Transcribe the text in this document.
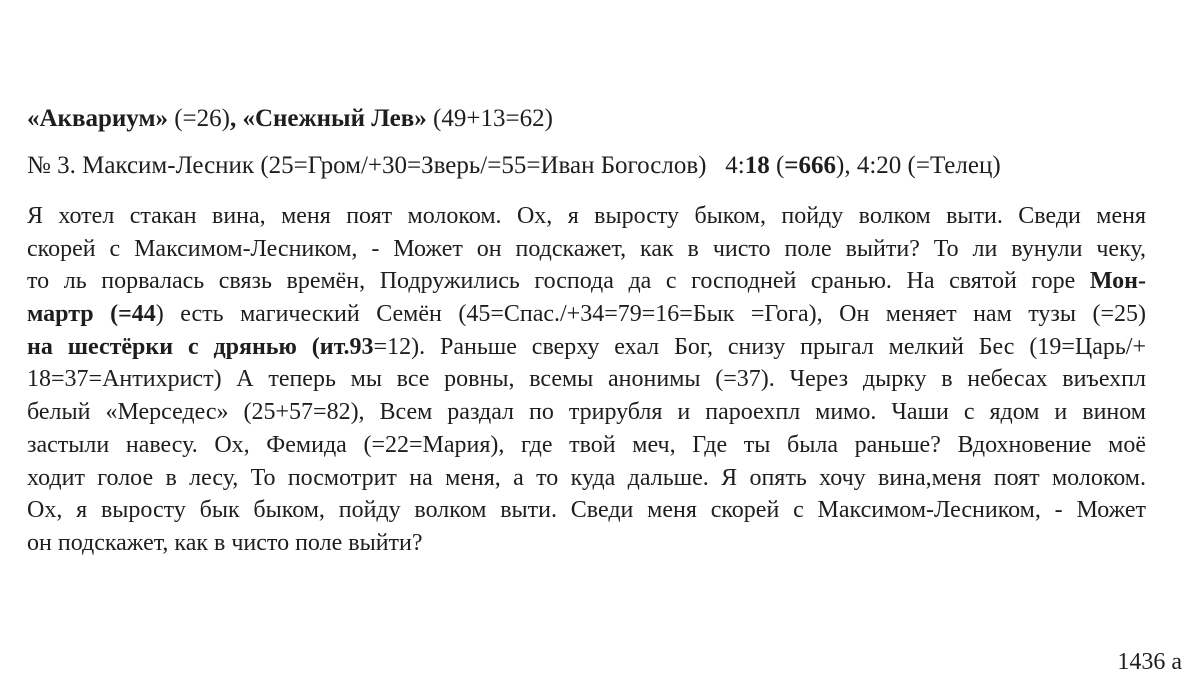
«Аквариум» (=26), «Снежный Лев» (49+13=62)
№ 3. Максим-Лесник (25=Гром/+30=Зверь/=55=Иван Богослов)   4:18 (=666), 4:20 (=Телец)
Я хотел стакан вина, меня поят молоком. Ох, я выросту быком, пойду волком выти. Сведи меня
скорей с Максимом-Лесником, - Может он подскажет, как в чисто поле выйти? То ли вунули чеку,
то ль порвалась связь времён, Подружились господа да с господней сранью. На святой горе Мон-
мартр (=44) есть магический Семён (45=Спас./+34=79=16=Бык =Гога), Он меняет нам тузы (=25)
на шестёрки с дрянью (ит.93=12). Раньше сверху ехал Бог, снизу прыгал мелкий Бес (19=Царь/+
18=37=Антихрист) А теперь мы все ровны, всемы анонимы (=37). Через дырку в небесах виъехпл
белый «Мерседес» (25+57=82), Всем раздал по трирубля и пароехпл мимо. Чаши с ядом и вином
застыли навесу. Ох, Фемида (=22=Мария), где твой меч, Где ты была раньше? Вдохновение моё
ходит голое в лесу, То посмотрит на меня, а то куда дальше. Я опять хочу вина,меня поят молоком.
Ох, я выросту бык быком, пойду волком выти. Сведи меня скорей с Максимом-Лесником, - Может
он подскажет, как в чисто поле выйти?
1436 a
